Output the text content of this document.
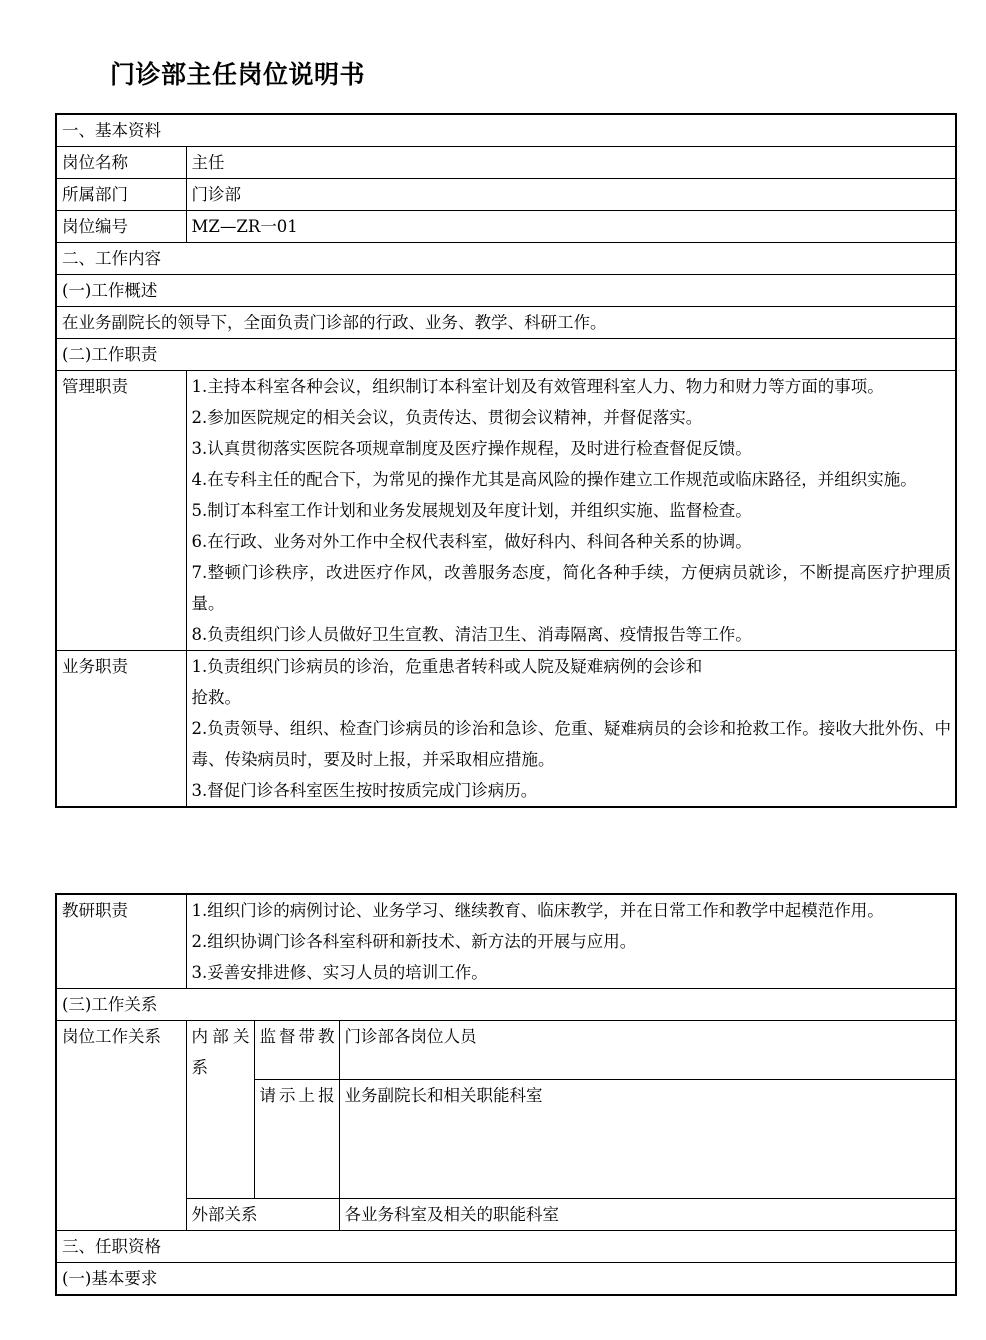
门诊部主任岗位说明书
一、基本资料	
岗位名称	主任
所属部门	门诊部
岗位编号	MZ—ZR一01
二、工作内容	
(一)工作概述	
在业务副院长的领导下，全面负责门诊部的行政、业务、教学、科研工作。	
(二)工作职责	
管理职责	1.主持本科室各种会议，组织制订本科室计划及有效管理科室人力、物力和财力等方面的事项。
2.参加医院规定的相关会议，负责传达、贯彻会议精神，并督促落实。
3.认真贯彻落实医院各项规章制度及医疗操作规程，及时进行检查督促反馈。
4.在专科主任的配合下，为常见的操作尤其是高风险的操作建立工作规范或临床路径，并组织实施。
5.制订本科室工作计划和业务发展规划及年度计划，并组织实施、监督检查。
6.在行政、业务对外工作中全权代表科室，做好科内、科间各种关系的协调。
7.整顿门诊秩序，改进医疗作风，改善服务态度，简化各种手续，方便病员就诊，不断提高医疗护理质量。
8.负责组织门诊人员做好卫生宣教、清洁卫生、消毒隔离、疫情报告等工作。

业务职责	1.负责组织门诊病员的诊治，危重患者转科或人院及疑难病例的会诊和
抢救。
2.负责领导、组织、检查门诊病员的诊治和急诊、危重、疑难病员的会诊和抢救工作。接收大批外伤、中毒、传染病员时，要及时上报，并采取相应措施。
3.督促门诊各科室医生按时按质完成门诊病历。
教研职责	1.组织门诊的病例讨论、业务学习、继续教育、临床教学，并在日常工作和教学中起模范作用。
2.组织协调门诊各科室科研和新技术、新方法的开展与应用。
3.妥善安排进修、实习人员的培训工作。		

(三)工作关系			

岗位工作关系	内部关系	监督带教	门诊部各岗位人员

		请示上报	业务副院长和相关职能科室
	外部关系		各业务科室及相关的职能科室
三、任职资格			
(一)基本要求			
